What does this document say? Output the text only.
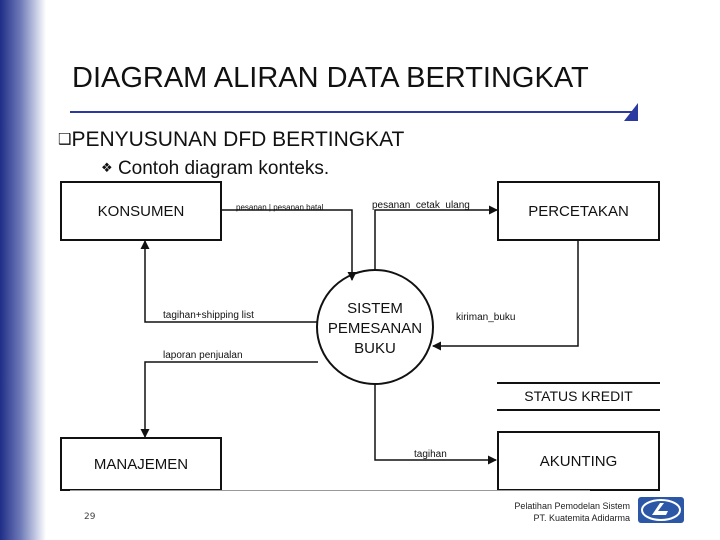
DIAGRAM ALIRAN DATA BERTINGKAT
❑PENYUSUNAN DFD BERTINGKAT
❖ Contoh diagram konteks.
KONSUMEN	PERCETAKAN
MANAJEMEN	AKUNTING
SISTEM
PEMESANAN
BUKU
STATUS KREDIT
pesanan | pesanan batal	pesanan_cetak_ulang
tagihan+shipping list
laporan penjualan
kiriman_buku
tagihan
29
Pelatihan Pemodelan Sistem
PT. Kuatemita Adidarma
